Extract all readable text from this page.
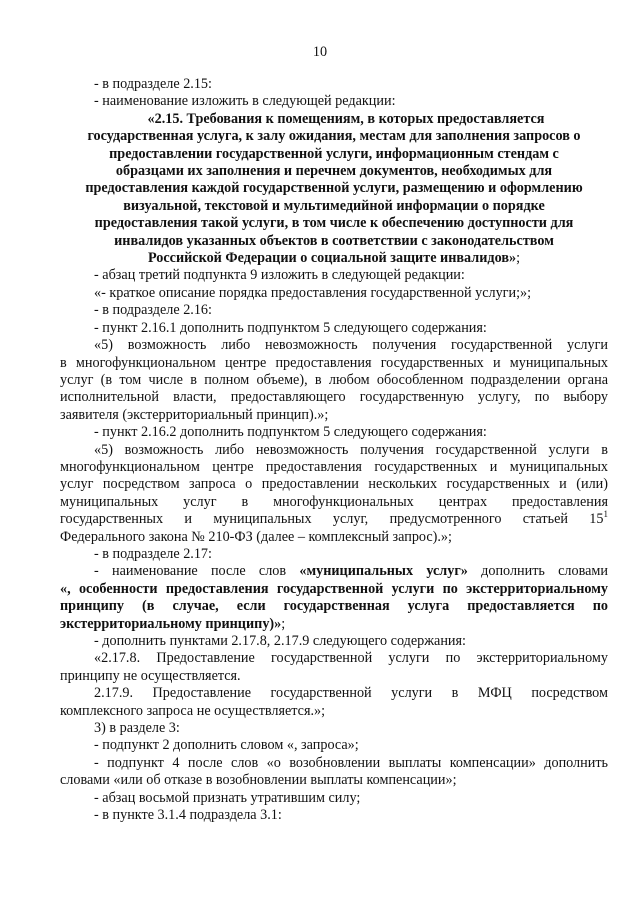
10

- в подразделе 2.15:

- наименование изложить в следующей редакции:

«2.15. Требования к помещениям, в которых предоставляется
государственная услуга, к залу ожидания, местам для заполнения запросов о
предоставлении государственной услуги, информационным стендам с
образцами их заполнения и перечнем документов, необходимых для
предоставления каждой государственной услуги, размещению и оформлению
визуальной, текстовой и мультимедийной информации о порядке
предоставления такой услуги, в том числе к обеспечению доступности для
инвалидов указанных объектов в соответствии с законодательством
Российской Федерации о социальной защите инвалидов»;

- абзац третий подпункта 9 изложить в следующей редакции:

«- краткое описание порядка предоставления государственной услуги;»;

- в подразделе 2.16:

- пункт 2.16.1 дополнить подпунктом 5 следующего содержания:

«5) возможность либо невозможность получения государственной услуги
в многофункциональном центре предоставления государственных и муниципальных
услуг (в том числе в полном объеме), в любом обособленном подразделении органа
исполнительной власти, предоставляющего государственную услугу, по выбору
заявителя (экстерриториальный принцип).»;

- пункт 2.16.2 дополнить подпунктом 5 следующего содержания:

«5) возможность либо невозможность получения государственной услуги в
многофункциональном центре предоставления государственных и муниципальных
услуг посредством запроса о предоставлении нескольких государственных и (или)
муниципальных услуг в многофункциональных центрах предоставления
государственных и муниципальных услуг, предусмотренного статьей $15^1$
Федерального закона № 210-ФЗ (далее – комплексный запрос).»;

- в подразделе 2.17:

- наименование после слов «муниципальных услуг» дополнить словами
«, особенности предоставления государственной услуги по экстерриториальному
принципу (в случае, если государственная услуга предоставляется по
экстерриториальному принципу)»;

- дополнить пунктами 2.17.8, 2.17.9 следующего содержания:

«2.17.8. Предоставление государственной услуги по экстерриториальному
принципу не осуществляется.
2.17.9. Предоставление государственной услуги в МФЦ посредством
комплексного запроса не осуществляется.»;

3) в разделе 3:

- подпункт 2 дополнить словом «, запроса»;

- подпункт 4 после слов «о возобновлении выплаты компенсации» дополнить
словами «или об отказе в возобновлении выплаты компенсации»;

- абзац восьмой признать утратившим силу;

- в пункте 3.1.4 подраздела 3.1:
